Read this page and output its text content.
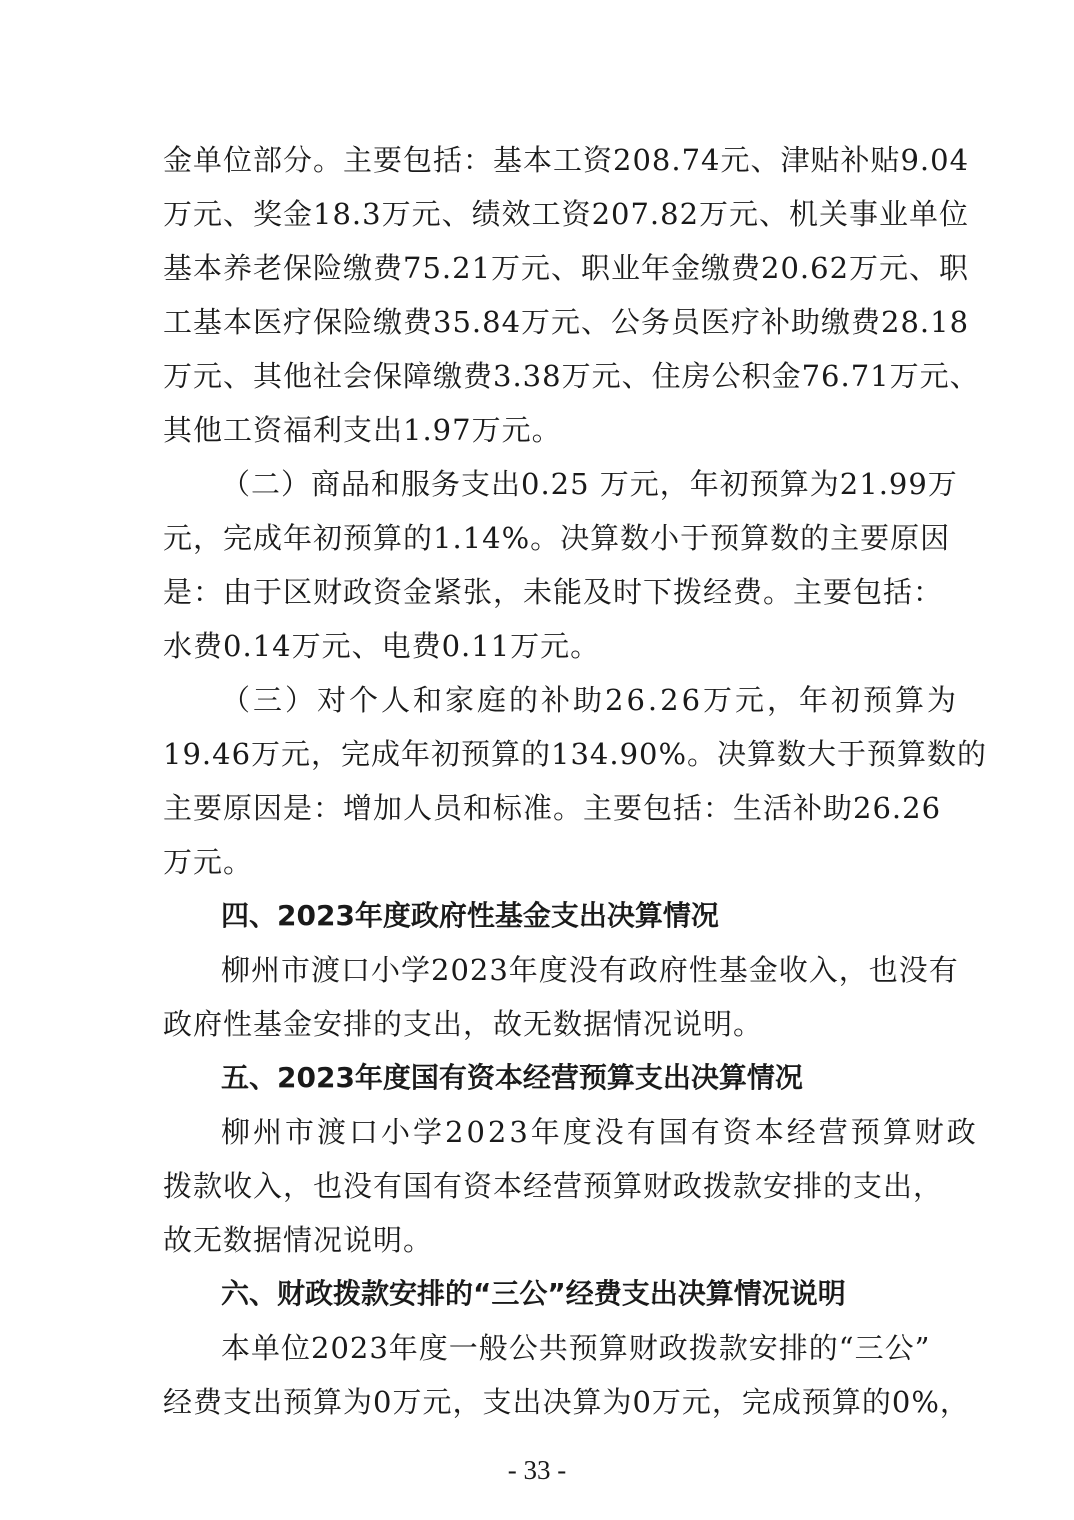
金单位部分。主要包括：基本工资208.74元、津贴补贴9.04
万元、奖金18.3万元、绩效工资207.82万元、机关事业单位
基本养老保险缴费75.21万元、职业年金缴费20.62万元、职
工基本医疗保险缴费35.84万元、公务员医疗补助缴费28.18
万元、其他社会保障缴费3.38万元、住房公积金76.71万元、
其他工资福利支出1.97万元。
（二）商品和服务支出0.25 万元，年初预算为21.99万
元，完成年初预算的1.14%。决算数小于预算数的主要原因
是：由于区财政资金紧张，未能及时下拨经费。主要包括：
水费0.14万元、电费0.11万元。
（三）对个人和家庭的补助26.26万元，年初预算为
19.46万元，完成年初预算的134.90%。决算数大于预算数的
主要原因是：增加人员和标准。主要包括：生活补助26.26
万元。
四、2023年度政府性基金支出决算情况
柳州市渡口小学2023年度没有政府性基金收入，也没有
政府性基金安排的支出，故无数据情况说明。
五、2023年度国有资本经营预算支出决算情况
柳州市渡口小学2023年度没有国有资本经营预算财政
拨款收入，也没有国有资本经营预算财政拨款安排的支出，
故无数据情况说明。
六、财政拨款安排的“三公”经费支出决算情况说明
本单位2023年度一般公共预算财政拨款安排的“三公”
经费支出预算为0万元，支出决算为0万元，完成预算的0%，
- 33 -
